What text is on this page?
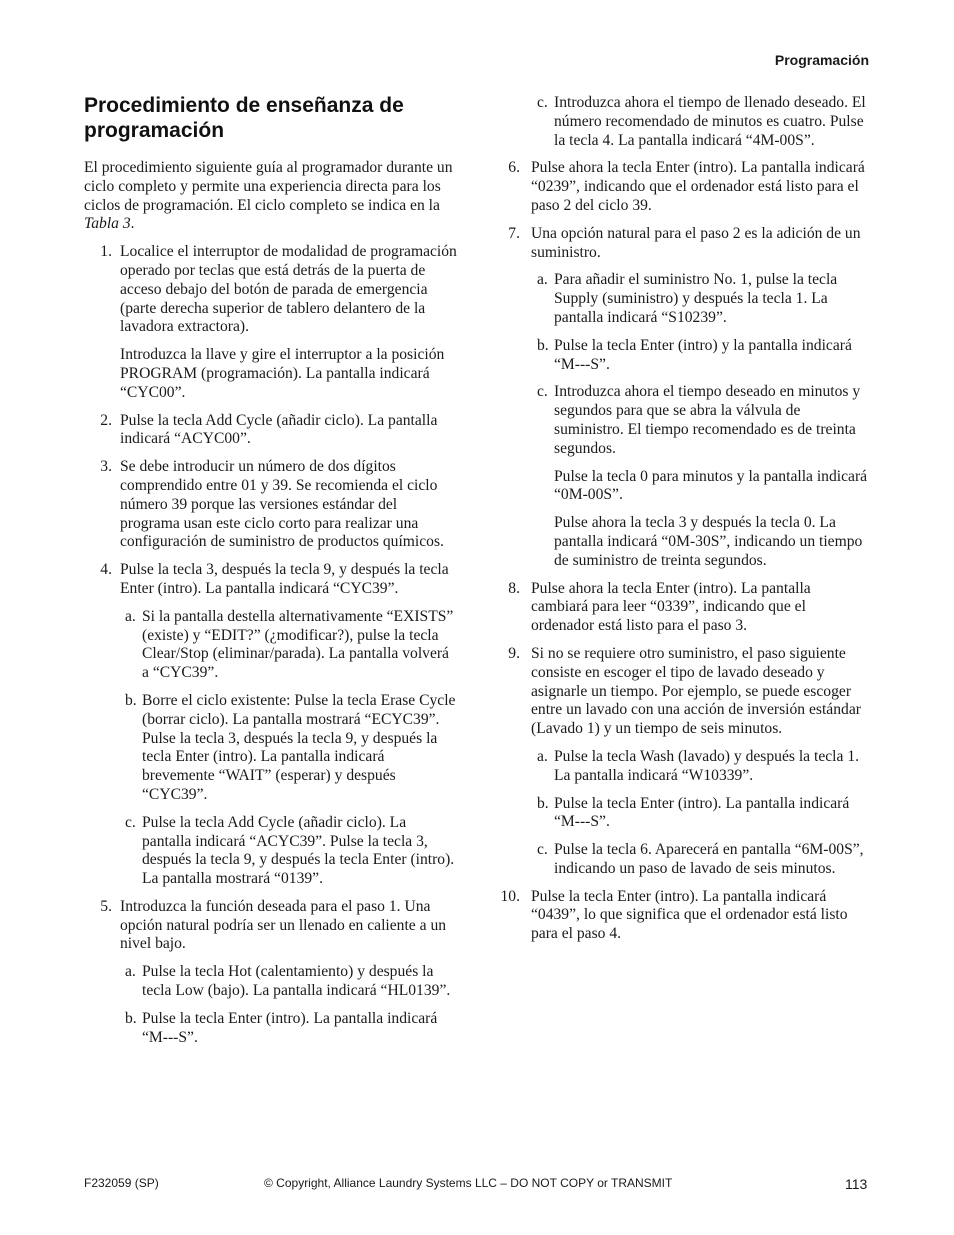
Programación
Procedimiento de enseñanza de programación

El procedimiento siguiente guía al programador durante un ciclo completo y permite una experiencia directa para los ciclos de programación. El ciclo completo se indica en la Tabla 3.

1. Localice el interruptor de modalidad de programación operado por teclas que está detrás de la puerta de acceso debajo del botón de parada de emergencia (parte derecha superior de tablero delantero de la lavadora extractora).
Introduzca la llave y gire el interruptor a la posición PROGRAM (programación). La pantalla indicará “CYC00”.
2. Pulse la tecla Add Cycle (añadir ciclo). La pantalla indicará “ACYC00”.
3. Se debe introducir un número de dos dígitos comprendido entre 01 y 39. Se recomienda el ciclo número 39 porque las versiones estándar del programa usan este ciclo corto para realizar una configuración de suministro de productos químicos.
4. Pulse la tecla 3, después la tecla 9, y después la tecla Enter (intro). La pantalla indicará “CYC39”.
a. Si la pantalla destella alternativamente “EXISTS” (existe) y “EDIT?” (¿modificar?), pulse la tecla Clear/Stop (eliminar/parada). La pantalla volverá a “CYC39”.
b. Borre el ciclo existente: Pulse la tecla Erase Cycle (borrar ciclo). La pantalla mostrará “ECYC39”. Pulse la tecla 3, después la tecla 9, y después la tecla Enter (intro). La pantalla indicará brevemente “WAIT” (esperar) y después “CYC39”.
c. Pulse la tecla Add Cycle (añadir ciclo). La pantalla indicará “ACYC39”. Pulse la tecla 3, después la tecla 9, y después la tecla Enter (intro). La pantalla mostrará “0139”.
5. Introduzca la función deseada para el paso 1. Una opción natural podría ser un llenado en caliente a un nivel bajo.
a. Pulse la tecla Hot (calentamiento) y después la tecla Low (bajo). La pantalla indicará “HL0139”.
b. Pulse la tecla Enter (intro). La pantalla indicará “M---S”.
c. Introduzca ahora el tiempo de llenado deseado. El número recomendado de minutos es cuatro. Pulse la tecla 4. La pantalla indicará “4M-00S”.
6. Pulse ahora la tecla Enter (intro). La pantalla indicará “0239”, indicando que el ordenador está listo para el paso 2 del ciclo 39.
7. Una opción natural para el paso 2 es la adición de un suministro.
a. Para añadir el suministro No. 1, pulse la tecla Supply (suministro) y después la tecla 1. La pantalla indicará “S10239”.
b. Pulse la tecla Enter (intro) y la pantalla indicará “M---S”.
c. Introduzca ahora el tiempo deseado en minutos y segundos para que se abra la válvula de suministro. El tiempo recomendado es de treinta segundos.
Pulse la tecla 0 para minutos y la pantalla indicará “0M-00S”.
Pulse ahora la tecla 3 y después la tecla 0. La pantalla indicará “0M-30S”, indicando un tiempo de suministro de treinta segundos.
8. Pulse ahora la tecla Enter (intro). La pantalla cambiará para leer “0339”, indicando que el ordenador está listo para el paso 3.
9. Si no se requiere otro suministro, el paso siguiente consiste en escoger el tipo de lavado deseado y asignarle un tiempo. Por ejemplo, se puede escoger entre un lavado con una acción de inversión estándar (Lavado 1) y un tiempo de seis minutos.
a. Pulse la tecla Wash (lavado) y después la tecla 1. La pantalla indicará “W10339”.
b. Pulse la tecla Enter (intro). La pantalla indicará “M---S”.
c. Pulse la tecla 6. Aparecerá en pantalla “6M-00S”, indicando un paso de lavado de seis minutos.
10. Pulse la tecla Enter (intro). La pantalla indicará “0439”, lo que significa que el ordenador está listo para el paso 4.
F232059 (SP)	© Copyright, Alliance Laundry Systems LLC – DO NOT COPY or TRANSMIT	113
